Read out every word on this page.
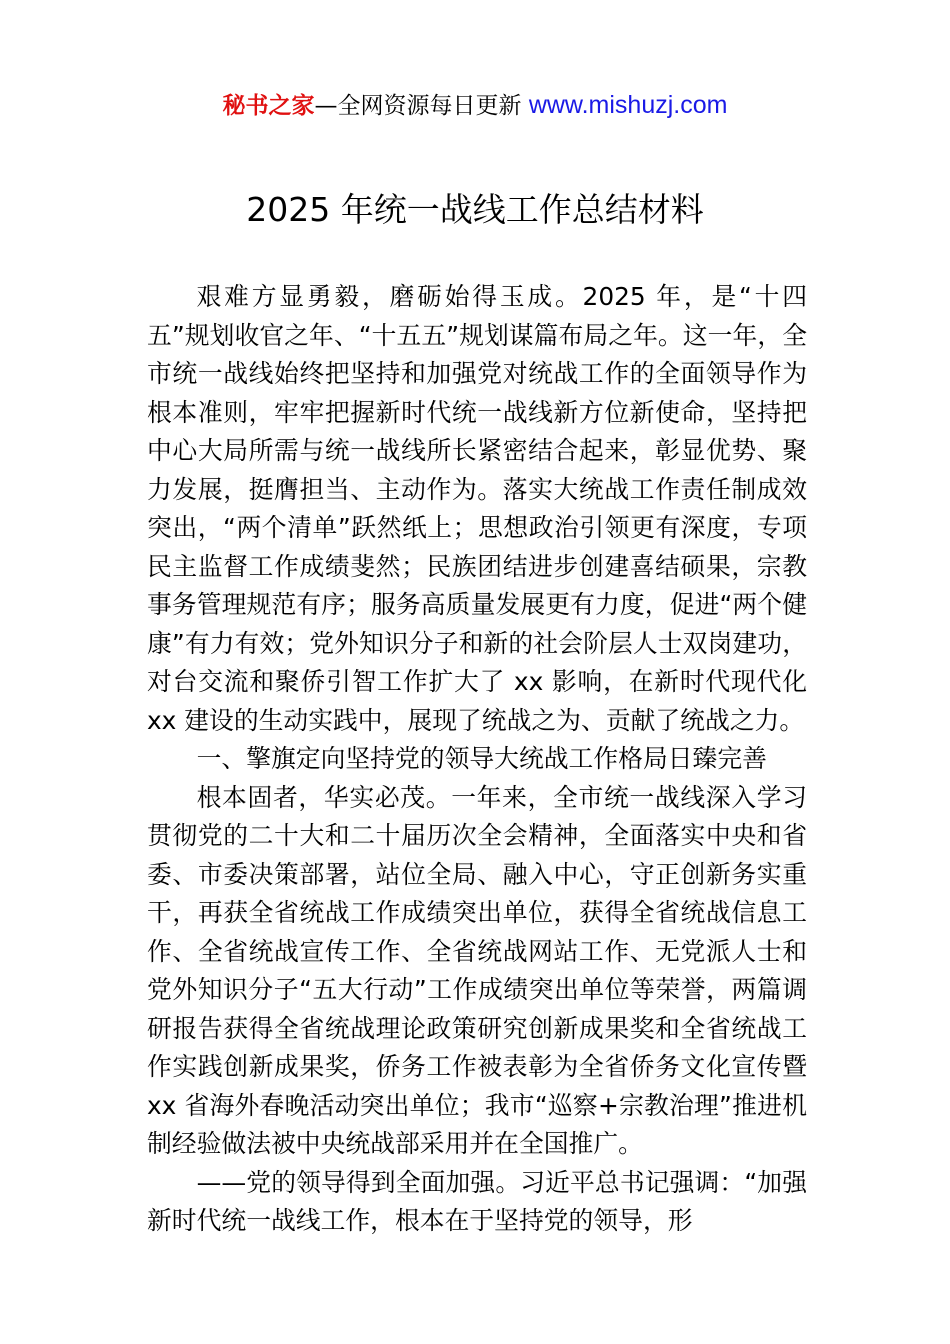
秘书之家—全网资源每日更新 www.mishuzj.com
2025 年统一战线工作总结材料

艰难方显勇毅，磨砺始得玉成。2025 年，是“十四五”规划收官之年、“十五五”规划谋篇布局之年。这一年，全市统一战线始终把坚持和加强党对统战工作的全面领导作为根本准则，牢牢把握新时代统一战线新方位新使命，坚持把中心大局所需与统一战线所长紧密结合起来，彰显优势、聚力发展，挺膺担当、主动作为。落实大统战工作责任制成效突出，“两个清单”跃然纸上；思想政治引领更有深度，专项民主监督工作成绩斐然；民族团结进步创建喜结硕果，宗教事务管理规范有序；服务高质量发展更有力度，促进“两个健康”有力有效；党外知识分子和新的社会阶层人士双岗建功，对台交流和聚侨引智工作扩大了 xx 影响，在新时代现代化 xx 建设的生动实践中，展现了统战之为、贡献了统战之力。

一、擎旗定向坚持党的领导大统战工作格局日臻完善

根本固者，华实必茂。一年来，全市统一战线深入学习贯彻党的二十大和二十届历次全会精神，全面落实中央和省委、市委决策部署，站位全局、融入中心，守正创新务实重干，再获全省统战工作成绩突出单位，获得全省统战信息工作、全省统战宣传工作、全省统战网站工作、无党派人士和党外知识分子“五大行动”工作成绩突出单位等荣誉，两篇调研报告获得全省统战理论政策研究创新成果奖和全省统战工作实践创新成果奖，侨务工作被表彰为全省侨务文化宣传暨 xx 省海外春晚活动突出单位；我市“巡察+宗教治理”推进机制经验做法被中央统战部采用并在全国推广。

——党的领导得到全面加强。习近平总书记强调：“加强新时代统一战线工作，根本在于坚持党的领导，形
